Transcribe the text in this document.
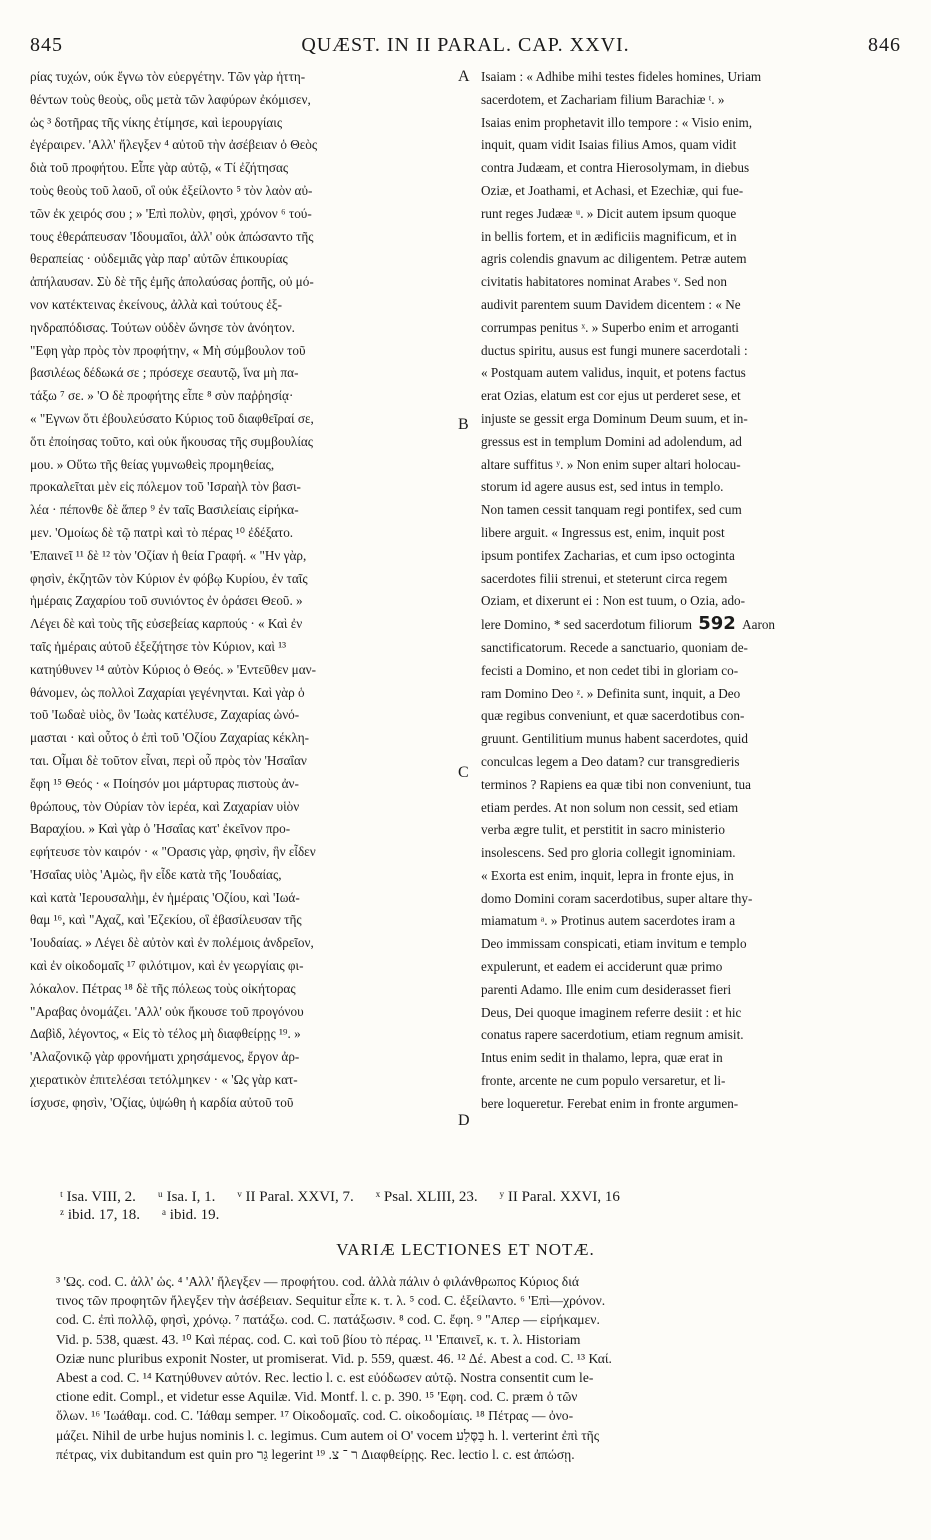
845	QUÆST. IN II PARAL. CAP. XXVI.	846
ρίας τυχών, ούκ ἔγνω τὸν εὐεργέτην. Τῶν γὰρ ἡττη-
θέντων τοὺς θεοὺς, οὓς μετὰ τῶν λαφύρων ἐκόμισεν,
ὡς ³ δοτῆρας τῆς νίκης ἐτίμησε, καὶ ἱερουργίαις
ἐγέραιρεν. 'Αλλ' ἤλεγξεν ⁴ αὐτοῦ τὴν ἀσέβειαν ὁ Θεὸς
διὰ τοῦ προφήτου. Εἶπε γὰρ αὐτῷ, « Τί ἐζήτησας
τοὺς θεοὺς τοῦ λαοῦ, οἳ οὐκ ἐξείλοντο ⁵ τὸν λαὸν αὐ-
τῶν ἐκ χειρός σου ; » 'Επὶ πολὺν, φησὶ, χρόνον ⁶ τού-
τους ἐθεράπευσαν 'Ιδουμαῖοι, ἀλλ' οὐκ ἀπώσαντο τῆς
θεραπείας · οὐδεμιᾶς γὰρ παρ' αὐτῶν ἐπικουρίας
ἀπήλαυσαν. Σὺ δὲ τῆς ἐμῆς ἀπολαύσας ῥοπῆς, οὐ μό-
νον κατέκτεινας ἐκείνους, ἀλλὰ καὶ τούτους ἐξ-
ηνδραπόδισας. Τούτων οὐδὲν ὤνησε τὸν ἀνόητον.
"Εφη γὰρ πρὸς τὸν προφήτην, « Μὴ σύμβουλον τοῦ
βασιλέως δέδωκά σε ; πρόσεχε σεαυτῷ, ἵνα μὴ πα-
τάξω ⁷ σε. » 'Ο δὲ προφήτης εἶπε ⁸ σὺν παῤῥησίᾳ·
« "Εγνων ὅτι ἐβουλεύσατο Κύριος τοῦ διαφθεῖραί σε,
ὅτι ἐποίησας τοῦτο, καὶ οὐκ ἤκουσας τῆς συμβουλίας
μου. » Οὕτω τῆς θείας γυμνωθεὶς προμηθείας,
προκαλεῖται μὲν εἰς πόλεμον τοῦ 'Ισραὴλ τὸν βασι-
λέα · πέπονθε δὲ ἅπερ ⁹ ἐν ταῖς Βασιλείαις εἰρήκα-
μεν. 'Ομοίως δὲ τῷ πατρὶ καὶ τὸ πέρας ¹⁰ ἐδέξατο.
'Επαινεῖ ¹¹ δὲ ¹² τὸν 'Οζίαν ἡ θεία Γραφή. « "Ην γὰρ,
φησὶν, ἐκζητῶν τὸν Κύριον ἐν φόβῳ Κυρίου, ἐν ταῖς
ἡμέραις Ζαχαρίου τοῦ συνιόντος ἐν ὁράσει Θεοῦ. »
Λέγει δὲ καὶ τοὺς τῆς εὐσεβείας καρπούς · « Καὶ ἐν
ταῖς ἡμέραις αὐτοῦ ἐξεζήτησε τὸν Κύριον, καὶ ¹³
κατηύθυνεν ¹⁴ αὐτὸν Κύριος ὁ Θεός. » 'Εντεῦθεν μαν-
θάνομεν, ὡς πολλοὶ Ζαχαρίαι γεγένηνται. Καὶ γὰρ ὁ
τοῦ 'Ιωδαὲ υἱὸς, ὃν 'Ιωὰς κατέλυσε, Ζαχαρίας ὠνό-
μασται · καὶ οὗτος ὁ ἐπὶ τοῦ 'Οζίου Ζαχαρίας κέκλη-
ται. Οἶμαι δὲ τοῦτον εἶναι, περὶ οὗ πρὸς τὸν 'Ησαΐαν
ἔφη ¹⁵ Θεός · « Ποίησόν μοι μάρτυρας πιστοὺς ἀν-
θρώπους, τὸν Οὐρίαν τὸν ἱερέα, καὶ Ζαχαρίαν υἱὸν
Βαραχίου. » Καὶ γὰρ ὁ 'Ησαΐας κατ' ἐκεῖνον προ-
εφήτευσε τὸν καιρόν · « "Ορασις γὰρ, φησὶν, ἣν εἶδεν
'Ησαΐας υἱὸς 'Αμὼς, ἣν εἶδε κατὰ τῆς 'Ιουδαίας,
καὶ κατὰ 'Ιερουσαλὴμ, ἐν ἡμέραις 'Οζίου, καὶ 'Ιωά-
θαμ ¹⁶, καὶ "Αχαζ, καὶ 'Εζεκίου, οἳ ἐβασίλευσαν τῆς
'Ιουδαίας. » Λέγει δὲ αὐτὸν καὶ ἐν πολέμοις ἀνδρεῖον,
καὶ ἐν οἰκοδομαῖς ¹⁷ φιλότιμον, καὶ ἐν γεωργίαις φι-
λόκαλον. Πέτρας ¹⁸ δὲ τῆς πόλεως τοὺς οἰκήτορας
"Αραβας ὀνομάζει. 'Αλλ' οὐκ ἤκουσε τοῦ προγόνου
Δαβὶδ, λέγοντος, « Εἰς τὸ τέλος μὴ διαφθείρῃς ¹⁹. »
'Αλαζονικῷ γὰρ φρονήματι χρησάμενος, ἔργον ἀρ-
χιερατικὸν ἐπιτελέσαι τετόλμηκεν · « 'Ως γὰρ κατ-
ίσχυσε, φησὶν, 'Οζίας, ὑψώθη ἡ καρδία αὐτοῦ τοῦ
Isaiam : « Adhibe mihi testes fideles homines, Uriam
sacerdotem, et Zachariam filium Barachiæ ᵗ. »
Isaias enim prophetavit illo tempore : « Visio enim,
inquit, quam vidit Isaias filius Amos, quam vidit
contra Judæam, et contra Hierosolymam, in diebus
Oziæ, et Joathami, et Achasi, et Ezechiæ, qui fue-
runt reges Judææ ᵘ. » Dicit autem ipsum quoque
in bellis fortem, et in ædificiis magnificum, et in
agris colendis gnavum ac diligentem. Petræ autem
civitatis habitatores nominat Arabes ᵛ. Sed non
audivit parentem suum Davidem dicentem : « Ne
corrumpas penitus ˣ. » Superbo enim et arroganti
ductus spiritu, ausus est fungi munere sacerdotali :
« Postquam autem validus, inquit, et potens factus
erat Ozias, elatum est cor ejus ut perderet sese, et
injuste se gessit erga Dominum Deum suum, et in-
gressus est in templum Domini ad adolendum, ad
altare suffitus ʸ. » Non enim super altari holocau-
storum id agere ausus est, sed intus in templo.
Non tamen cessit tanquam regi pontifex, sed cum
libere arguit. « Ingressus est, enim, inquit post
ipsum pontifex Zacharias, et cum ipso octoginta
sacerdotes filii strenui, et steterunt circa regem
Oziam, et dixerunt ei : Non est tuum, o Ozia, ado-
lere Domino, * sed sacerdotum filiorum 592 Aaron
sanctificatorum. Recede a sanctuario, quoniam de-
fecisti a Domino, et non cedet tibi in gloriam co-
ram Domino Deo ᶻ. » Definita sunt, inquit, a Deo
quæ regibus conveniunt, et quæ sacerdotibus con-
gruunt. Gentilitium munus habent sacerdotes, quid
conculcas legem a Deo datam? cur transgredieris
terminos ? Rapiens ea quæ tibi non conveniunt, tua
etiam perdes. At non solum non cessit, sed etiam
verba ægre tulit, et perstitit in sacro ministerio
insolescens. Sed pro gloria collegit ignominiam.
« Exorta est enim, inquit, lepra in fronte ejus, in
domo Domini coram sacerdotibus, super altare thy-
miamatum ᵃ. » Protinus autem sacerdotes iram a
Deo immissam conspicati, etiam invitum e templo
expulerunt, et eadem ei acciderunt quæ primo
parenti Adamo. Ille enim cum desiderasset fieri
Deus, Dei quoque imaginem referre desiit : et hic
conatus rapere sacerdotium, etiam regnum amisit.
Intus enim sedit in thalamo, lepra, quæ erat in
fronte, arcente ne cum populo versaretur, et li-
bere loqueretur. Ferebat enim in fronte argumen-
A
B
C
D
ᵗ Isa. VIII, 2. ᵘ Isa. I, 1. ᵛ II Paral. XXVI, 7. ˣ Psal. XLIII, 23. ʸ II Paral. XXVI, 16
ᶻ ibid. 17, 18. ᵃ ibid. 19.
VARIÆ LECTIONES ET NOTÆ.
³ 'Ως. cod. C. ἀλλ' ὡς. ⁴ 'Αλλ' ἤλεγξεν — προφήτου. cod. ἀλλὰ πάλιν ὁ φιλάνθρωπος Κύριος διά
τινος τῶν προφητῶν ἤλεγξεν τὴν ἀσέβειαν. Sequitur εἶπε κ. τ. λ. ⁵ cod. C. ἐξείλαντο. ⁶ 'Επὶ—χρόνον.
cod. C. ἐπὶ πολλῷ, φησὶ, χρόνῳ. ⁷ πατάξω. cod. C. πατάξωσιν. ⁸ cod. C. ἔφη. ⁹ "Απερ — εἰρήκαμεν.
Vid. p. 538, quæst. 43. ¹⁰ Καὶ πέρας. cod. C. καὶ τοῦ βίου τὸ πέρας. ¹¹ 'Επαινεῖ, κ. τ. λ. Historiam
Oziæ nunc pluribus exponit Noster, ut promiserat. Vid. p. 559, quæst. 46. ¹² Δέ. Abest a cod. C. ¹³ Καί.
Abest a cod. C. ¹⁴ Κατηύθυνεν αὐτόν. Rec. lectio l. c. est εὐόδωσεν αὐτῷ. Nostra consentit cum le-
ctione edit. Compl., et videtur esse Aquilæ. Vid. Montf. l. c. p. 390. ¹⁵ 'Εφη. cod. C. præm ὁ τῶν
ὅλων. ¹⁶ 'Ιωάθαμ. cod. C. 'Ιάθαμ semper. ¹⁷ Οἰκοδομαῖς. cod. C. οἰκοδομίαις. ¹⁸ Πέτρας — ὀνο-
μάζει. Nihil de urbe hujus nominis l. c. legimus. Cum autem οἱ Ο' vocem בַּסֶּלַע h. l. verterint ἐπὶ τῆς
πέτρας, vix dubitandum est quin pro גַּר legerint ר ־ צ. ¹⁹ Διαφθείρῃς. Rec. lectio l. c. est ἀπώσῃ.
